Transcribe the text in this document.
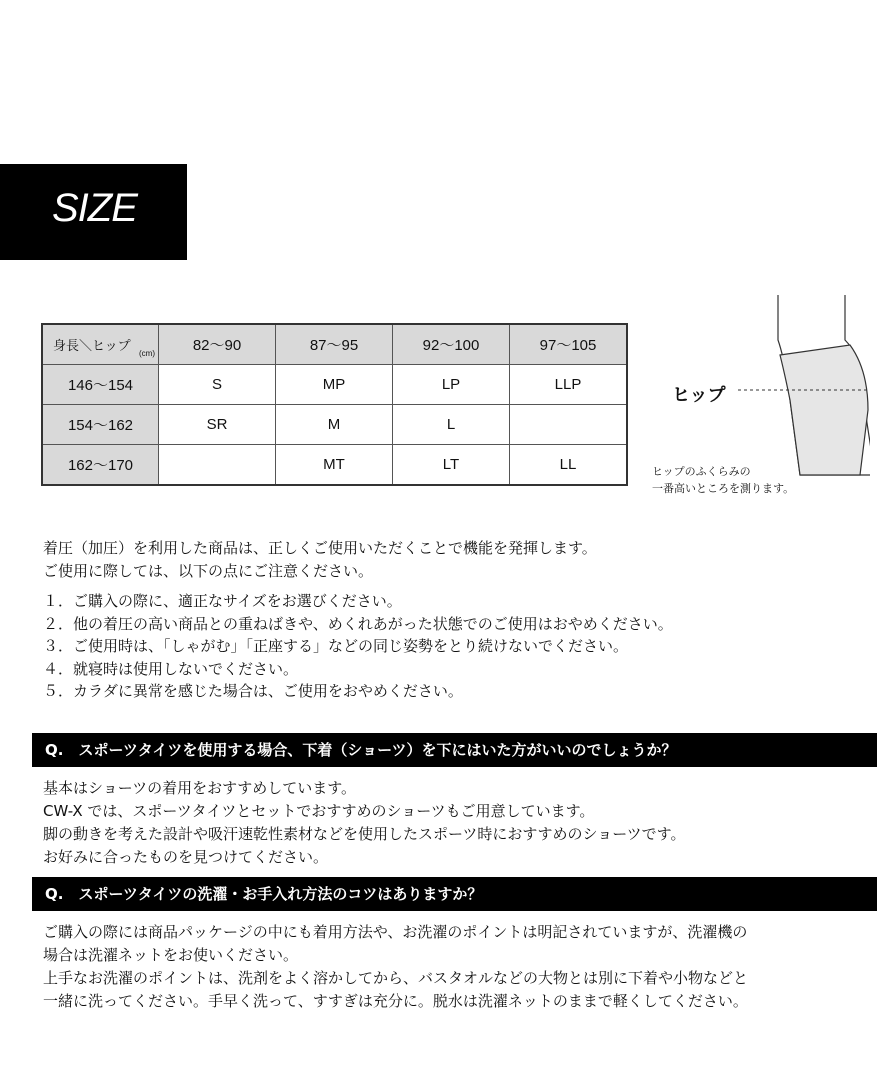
SIZE
身長＼ヒップ
(cm)	82〜90	87〜95	92〜100	97〜105
146〜154	S	MP	LP	LLP
154〜162	SR	M	L	
162〜170		MT	LT	LL
ヒップ
ヒップのふくらみの
一番高いところを測ります。
着圧（加圧）を利用した商品は、正しくご使用いただくことで機能を発揮します。
ご使用に際しては、以下の点にご注意ください。
１．ご購入の際に、適正なサイズをお選びください。
２．他の着圧の高い商品との重ねばきや、めくれあがった状態でのご使用はおやめください。
３．ご使用時は、「しゃがむ」「正座する」などの同じ姿勢をとり続けないでください。
４．就寝時は使用しないでください。
５．カラダに異常を感じた場合は、ご使用をおやめください。
Q.　スポーツタイツを使用する場合、下着（ショーツ）を下にはいた方がいいのでしょうか？
基本はショーツの着用をおすすめしています。
CW-X では、スポーツタイツとセットでおすすめのショーツもご用意しています。
脚の動きを考えた設計や吸汗速乾性素材などを使用したスポーツ時におすすめのショーツです。
お好みに合ったものを見つけてください。
Q.　スポーツタイツの洗濯・お手入れ方法のコツはありますか？
ご購入の際には商品パッケージの中にも着用方法や、お洗濯のポイントは明記されていますが、洗濯機の
場合は洗濯ネットをお使いください。
上手なお洗濯のポイントは、洗剤をよく溶かしてから、バスタオルなどの大物とは別に下着や小物などと
一緒に洗ってください。手早く洗って、すすぎは充分に。脱水は洗濯ネットのままで軽くしてください。
